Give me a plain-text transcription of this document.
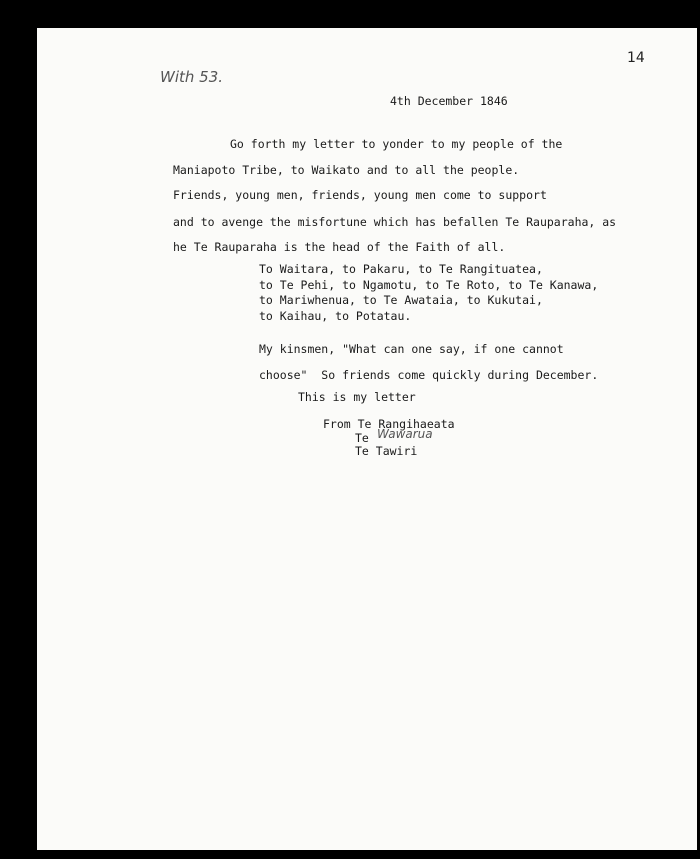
14
With 53.
4th December 1846
Go forth my letter to yonder to my people of the
Maniapoto Tribe, to Waikato and to all the people.
Friends, young men, friends, young men come to support
and to avenge the misfortune which has befallen Te Rauparaha, as
he Te Rauparaha is the head of the Faith of all.
To Waitara, to Pakaru, to Te Rangituatea,
to Te Pehi, to Ngamotu, to Te Roto, to Te Kanawa,
to Mariwhenua, to Te Awataia, to Kukutai,
to Kaihau, to Potatau.
My kinsmen, "What can one say, if one cannot
choose"  So friends come quickly during December.
This is my letter
From Te Rangihaeata
Te Wawaruа
Te Tawiri
